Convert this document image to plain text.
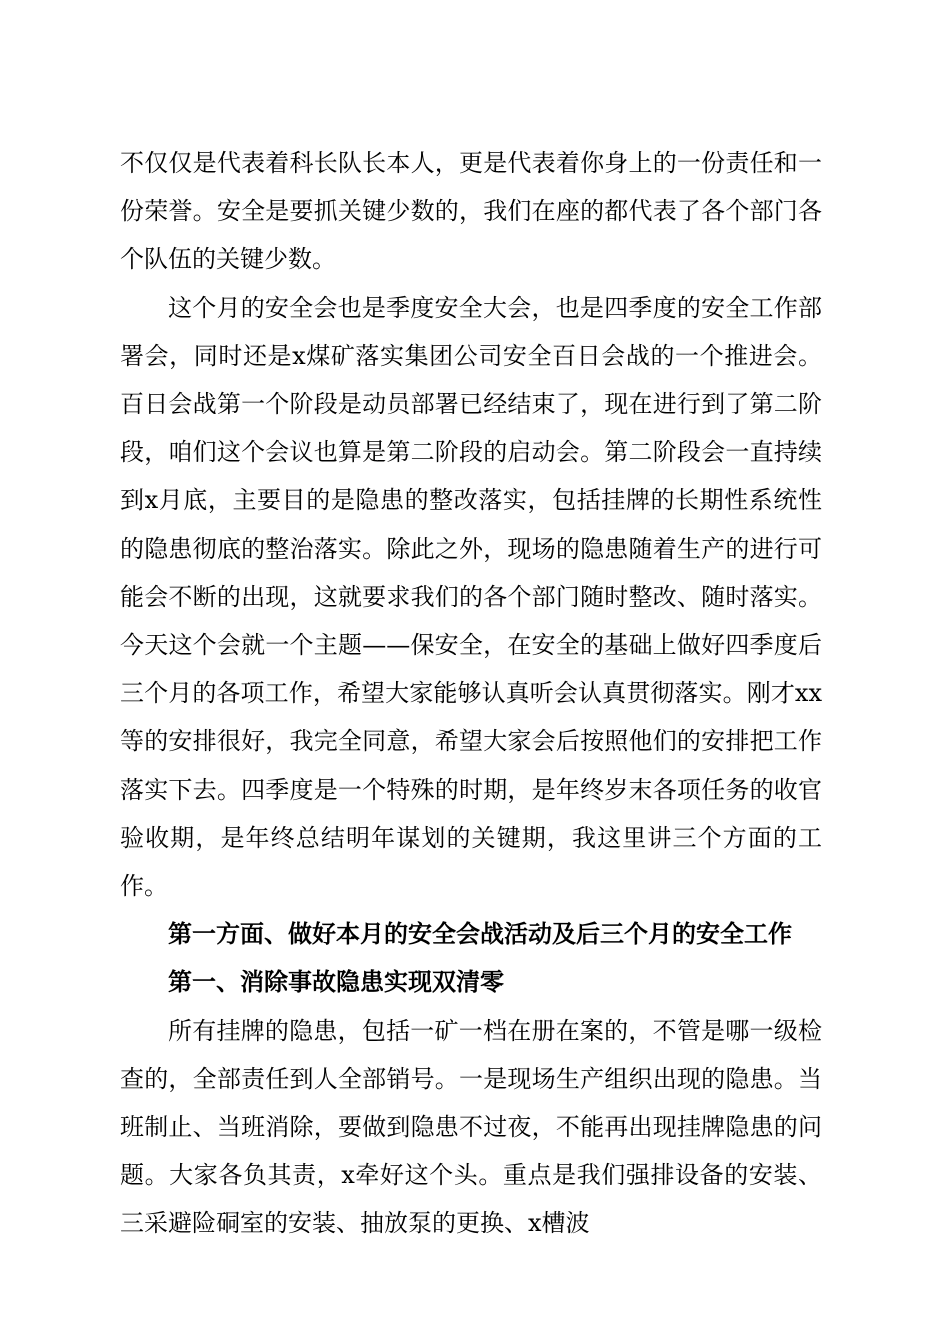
不仅仅是代表着科长队长本人，更是代表着你身上的一份责任和一份荣誉。安全是要抓关键少数的，我们在座的都代表了各个部门各个队伍的关键少数。

这个月的安全会也是季度安全大会，也是四季度的安全工作部署会，同时还是x煤矿落实集团公司安全百日会战的一个推进会。百日会战第一个阶段是动员部署已经结束了，现在进行到了第二阶段，咱们这个会议也算是第二阶段的启动会。第二阶段会一直持续到x月底，主要目的是隐患的整改落实，包括挂牌的长期性系统性的隐患彻底的整治落实。除此之外，现场的隐患随着生产的进行可能会不断的出现，这就要求我们的各个部门随时整改、随时落实。今天这个会就一个主题——保安全，在安全的基础上做好四季度后三个月的各项工作，希望大家能够认真听会认真贯彻落实。刚才xx等的安排很好，我完全同意，希望大家会后按照他们的安排把工作落实下去。四季度是一个特殊的时期，是年终岁末各项任务的收官验收期，是年终总结明年谋划的关键期，我这里讲三个方面的工作。

第一方面、做好本月的安全会战活动及后三个月的安全工作

第一、消除事故隐患实现双清零

所有挂牌的隐患，包括一矿一档在册在案的，不管是哪一级检查的，全部责任到人全部销号。一是现场生产组织出现的隐患。当班制止、当班消除，要做到隐患不过夜，不能再出现挂牌隐患的问题。大家各负其责，x牵好这个头。重点是我们强排设备的安装、三采避险硐室的安装、抽放泵的更换、x槽波
